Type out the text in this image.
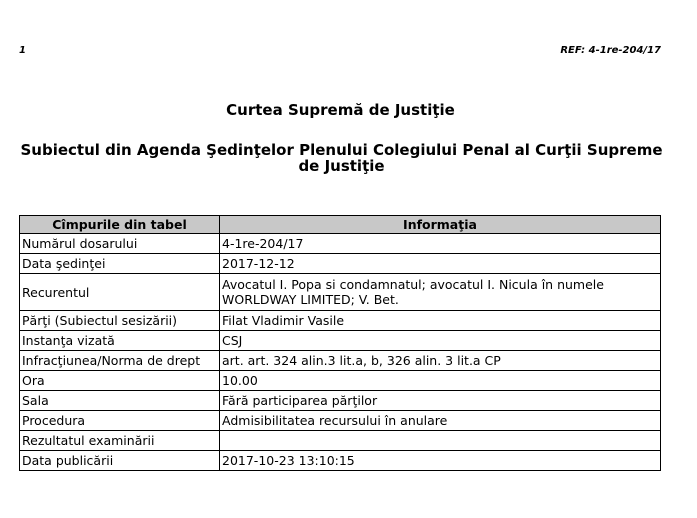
1	REF: 4-1re-204/17
Curtea Supremă de Justiţie
Subiectul din Agenda Şedinţelor Plenului Colegiului Penal al Curţii Supreme de Justiţie
Cîmpurile din tabel	Informaţia
Numărul dosarului	4-1re-204/17
Data şedinţei	2017-12-12
Recurentul	Avocatul I. Popa si condamnatul; avocatul I. Nicula în numele WORLDWAY LIMITED; V. Bet.
Părţi (Subiectul sesizării)	Filat Vladimir Vasile
Instanţa vizată	CSJ
Infracţiunea/Norma de drept	art. art. 324 alin.3 lit.a, b, 326 alin. 3 lit.a CP
Ora	10.00
Sala	Fără participarea părţilor
Procedura	Admisibilitatea recursului în anulare
Rezultatul examinării	
Data publicării	2017-10-23 13:10:15
